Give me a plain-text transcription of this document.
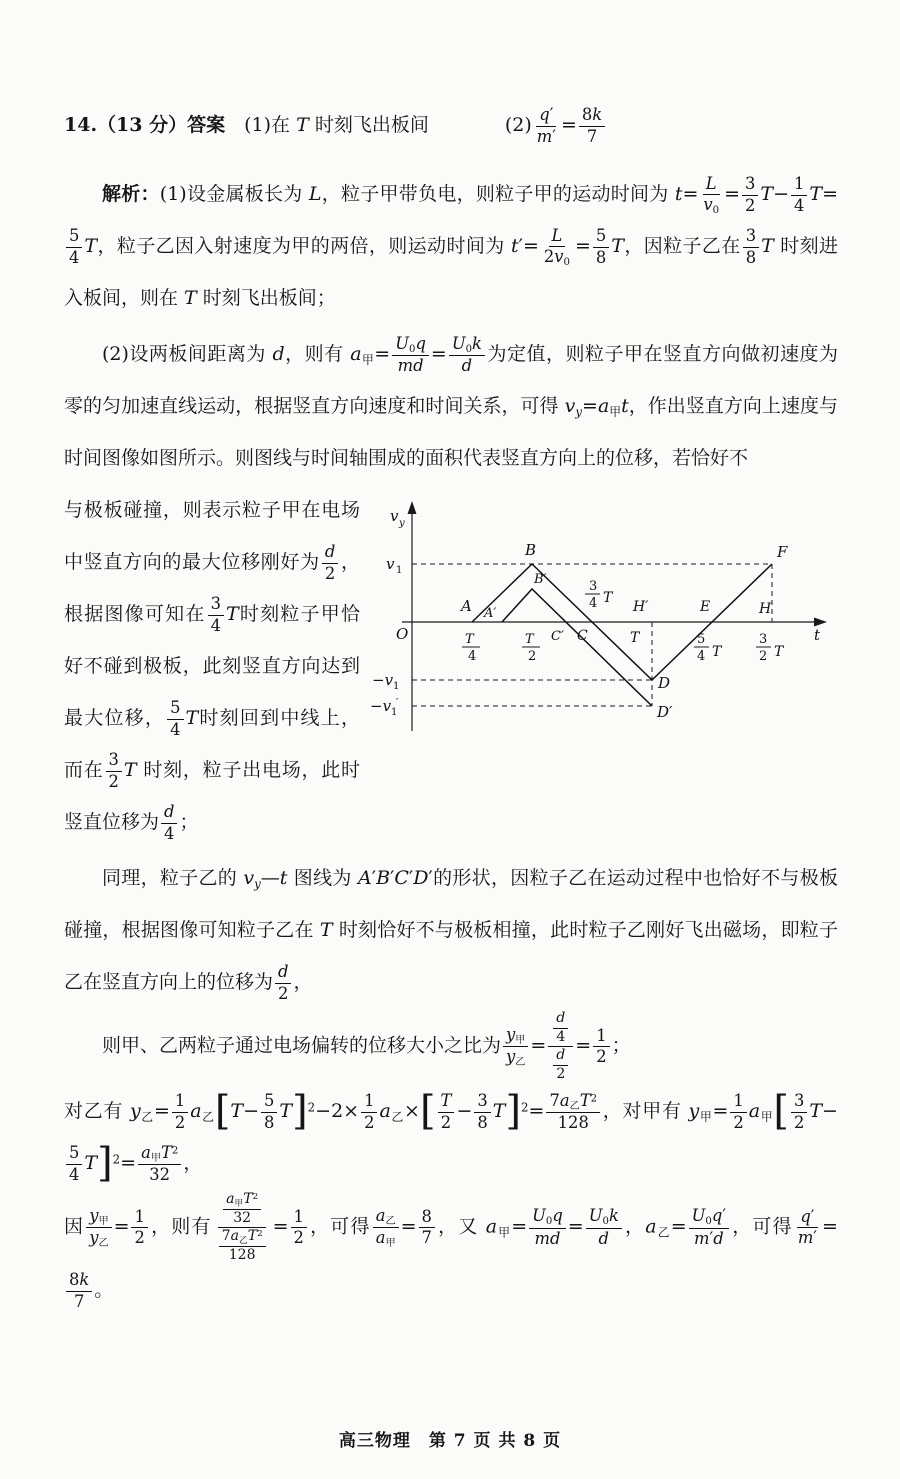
14.（13 分）答案　(1)在 T 时刻飞出板间　　　　$(2) \frac{q'}{m'} = \frac{8k}{7}$
解析：(1)设金属板长为 L，粒子甲带负电，则粒子甲的运动时间为 $t= \frac{L}{v0} = \frac{3}{2} T- \frac{1}{4} T=$
$\frac{5}{4}$ T，粒子乙因入射速度为甲的两倍，则运动时间为 $t'= \frac{L}{2v0} = \frac{5}{8}$ T，因粒子乙在 $\frac{3}{8}$ T 时刻进入板间，则在 T 时刻飞出板间；
(2)设两板间距离为 d，则有 a甲= $\frac{U0q}{md} = \frac{U0k}{d}$ 为定值，则粒子甲在竖直方向做初速度为零的匀加速直线运动，根据竖直方向速度和时间关系，可得 vy=a甲t，作出竖直方向上速度与时间图像如图所示。则图线与时间轴围成的面积代表竖直方向上的位移，若恰好不
v y
v 1
−v 1
−v 1
′
O
A
B
B′
A′
C′ C
3
4 T
H′
T
E
5
4 T
H
3
2 T
F
D
D′
t
T
4
T
2
与极板碰撞，则表示粒子甲在电场中竖直方向的最大位移刚好为 $\frac{d}{2}$ ，根据图像可知在 $\frac{3}{4}$ T时刻粒子甲恰好不碰到极板，此刻竖直方向达到最大位移， $\frac{5}{4}$ T时刻回到中线上，而在 $\frac{3}{2}$ T 时刻，粒子出电场，此时竖直位移为 $\frac{d}{4}$ ；
同理，粒子乙的 vy—t 图线为 A′B′C′D′的形状，因粒子乙在运动过程中也恰好不与极板碰撞，根据图像可知粒子乙在 T 时刻恰好不与极板相撞，此时粒子乙刚好飞出磁场，即粒子乙在竖直方向上的位移为 $\frac{d}{2}$ ，
则甲、乙两粒子通过电场偏转的位移大小之比为 $\frac{\text{y甲}}{\text{y乙}} = \frac{\frac{d}{4}}{\frac{d}{2}} = \frac{1}{2}$ ；
对乙有 y乙= $\frac{1}{2}$ a乙$[T- \frac{5}{8} T]^2-2\times \frac{1}{2}$ a乙×[ $\frac{T}{2} - \frac{3}{8} T]^2= \frac{7a乙T^2}{128}$ ，对甲有 y甲= $\frac{1}{2}$ a甲[ $\frac{3}{2} T-$
$\frac{5}{4} T]^2= \frac{a甲T^2}{32}$ ，
因 $\frac{\text{y甲}}{\text{y乙}} = \frac{1}{2}$ ，则有 $\frac{\frac{a甲T^2}{32}}{\frac{7a乙T^2}{128}} = \frac{1}{2}$ ，可得 $\frac{\text{a乙}}{\text{a甲}} = \frac{8}{7}$ ，又 a甲= $\frac{U0q}{md} = \frac{U0k}{d}$ ，a乙= $\frac{U0q'}{m'd}$ ，可得 $\frac{q'}{m'}$ =
$\frac{8k}{7}$ 。
高三物理 第 7 页 共 8 页
